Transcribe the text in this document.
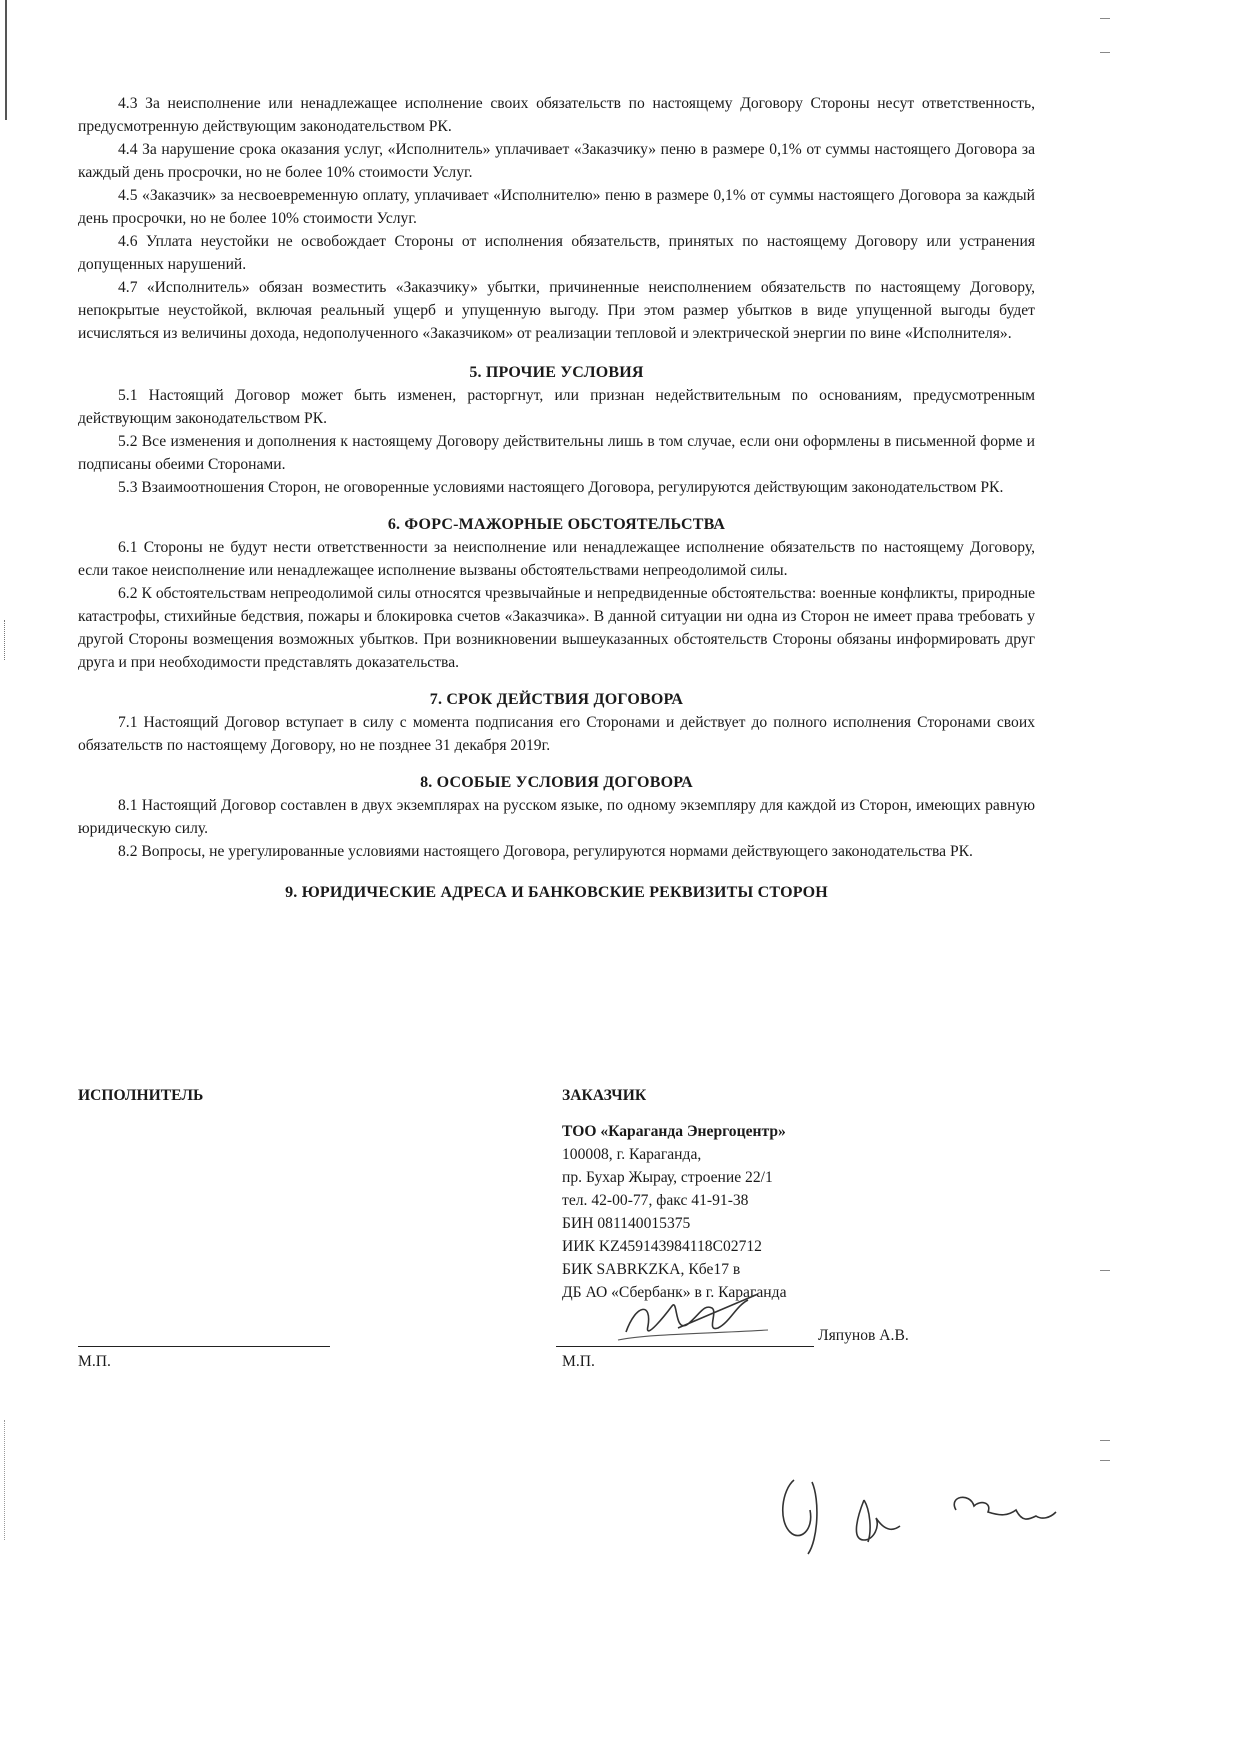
4.3 За неисполнение или ненадлежащее исполнение своих обязательств по настоящему Договору Стороны несут ответственность, предусмотренную действующим законодательством РК.

4.4 За нарушение срока оказания услуг, «Исполнитель» уплачивает «Заказчику» пеню в размере 0,1% от суммы настоящего Договора за каждый день просрочки, но не более 10% стоимости Услуг.

4.5 «Заказчик» за несвоевременную оплату, уплачивает «Исполнителю» пеню в размере 0,1% от суммы настоящего Договора за каждый день просрочки, но не более 10% стоимости Услуг.

4.6 Уплата неустойки не освобождает Стороны от исполнения обязательств, принятых по настоящему Договору или устранения допущенных нарушений.

4.7 «Исполнитель» обязан возместить «Заказчику» убытки, причиненные неисполнением обязательств по настоящему Договору, непокрытые неустойкой, включая реальный ущерб и упущенную выгоду. При этом размер убытков в виде упущенной выгоды будет исчисляться из величины дохода, недополученного «Заказчиком» от реализации тепловой и электрической энергии по вине «Исполнителя».

5. ПРОЧИЕ УСЛОВИЯ

5.1 Настоящий Договор может быть изменен, расторгнут, или признан недействительным по основаниям, предусмотренным действующим законодательством РК.

5.2 Все изменения и дополнения к настоящему Договору действительны лишь в том случае, если они оформлены в письменной форме и подписаны обеими Сторонами.

5.3 Взаимоотношения Сторон, не оговоренные условиями настоящего Договора, регулируются действующим законодательством РК.

6. ФОРС-МАЖОРНЫЕ ОБСТОЯТЕЛЬСТВА

6.1 Стороны не будут нести ответственности за неисполнение или ненадлежащее исполнение обязательств по настоящему Договору, если такое неисполнение или ненадлежащее исполнение вызваны обстоятельствами непреодолимой силы.

6.2 К обстоятельствам непреодолимой силы относятся чрезвычайные и непредвиденные обстоятельства: военные конфликты, природные катастрофы, стихийные бедствия, пожары и блокировка счетов «Заказчика». В данной ситуации ни одна из Сторон не имеет права требовать у другой Стороны возмещения возможных убытков. При возникновении вышеуказанных обстоятельств Стороны обязаны информировать друг друга и при необходимости представлять доказательства.

7. СРОК ДЕЙСТВИЯ ДОГОВОРА

7.1 Настоящий Договор вступает в силу с момента подписания его Сторонами и действует до полного исполнения Сторонами своих обязательств по настоящему Договору, но не позднее 31 декабря 2019г.

8. ОСОБЫЕ УСЛОВИЯ ДОГОВОРА

8.1 Настоящий Договор составлен в двух экземплярах на русском языке, по одному экземпляру для каждой из Сторон, имеющих равную юридическую силу.

8.2 Вопросы, не урегулированные условиями настоящего Договора, регулируются нормами действующего законодательства РК.

9. ЮРИДИЧЕСКИЕ АДРЕСА И БАНКОВСКИЕ РЕКВИЗИТЫ СТОРОН
ИСПОЛНИТЕЛЬ	ЗАКАЗЧИК
ТОО «Караганда Энергоцентр»
100008, г. Караганда,
пр. Бухар Жырау, строение 22/1
тел. 42-00-77, факс 41-91-38
БИН 081140015375
ИИК KZ459143984118C02712
БИК SABRKZKA, Кбе17 в
ДБ АО «Сбербанк» в г. Караганда
Ляпунов А.В.
М.П.	М.П.
